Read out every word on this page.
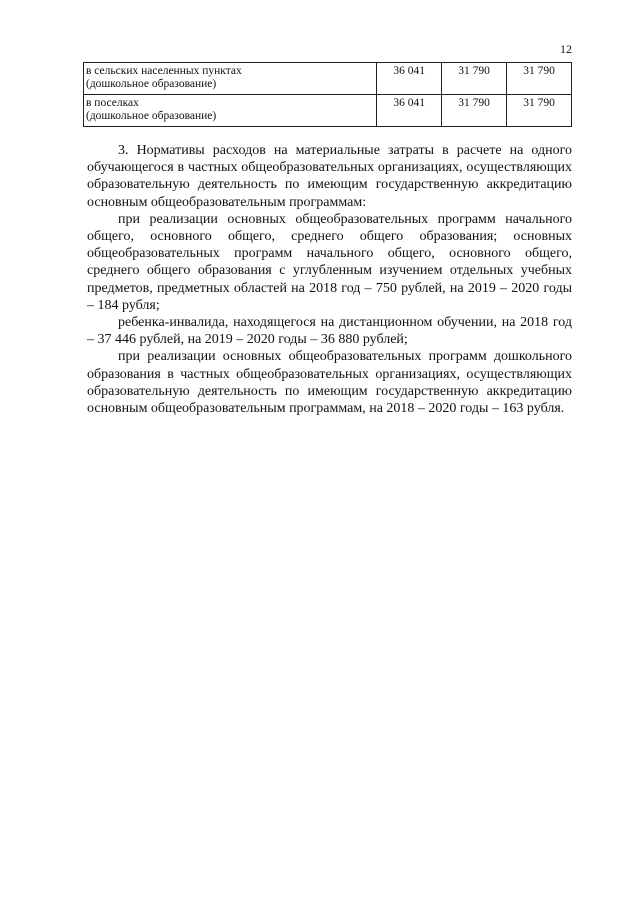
12
в сельских населенных пунктах
(дошкольное образование)	36 041	31 790	31 790

в поселках
(дошкольное образование)	36 041	31 790	31 790

3. Нормативы расходов на материальные затраты в расчете на одного обучающегося в частных общеобразовательных организациях, осуществляющих образовательную деятельность по имеющим государственную аккредитацию основным общеобразовательным программам:

при реализации основных общеобразовательных программ начального общего, основного общего, среднего общего образования; основных общеобразовательных программ начального общего, основного общего, среднего общего образования с углубленным изучением отдельных учебных предметов, предметных областей на 2018 год – 750 рублей, на 2019 – 2020 годы – 184 рубля;

ребенка-инвалида, находящегося на дистанционном обучении, на 2018 год – 37 446 рублей, на 2019 – 2020 годы – 36 880 рублей;

при реализации основных общеобразовательных программ дошкольного образования в частных общеобразовательных организациях, осуществляющих образовательную деятельность по имеющим государственную аккредитацию основным общеобразовательным программам, на 2018 – 2020 годы – 163 рубля.
